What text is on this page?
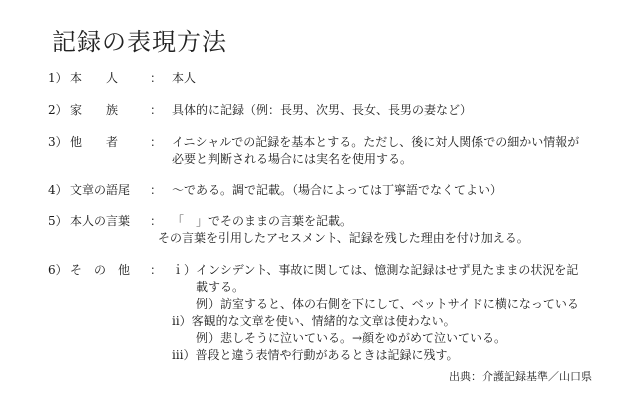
記録の表現方法
1） 本　　人	： 本人
2） 家　　族	： 具体的に記録（例：長男、次男、長女、長男の妻など）
3） 他　　者	： イニシャルでの記録を基本とする。ただし、後に対人関係での細かい情報が
必要と判断される場合には実名を使用する。
4） 文章の語尾 ： ～である。調で記載。（場合によっては丁寧語でなくてよい）
5） 本人の言葉 ： 「　」でそのままの言葉を記載。
その言葉を引用したアセスメント、記録を残した理由を付け加える。
6） そ　の　他 ： ｉ）インシデント、事故に関しては、憶測な記録はせず見たままの状況を記
載する。
例）訪室すると、体の右側を下にして、ベットサイドに横になっている
ⅱ）客観的な文章を使い、情緒的な文章は使わない。
例）悲しそうに泣いている。→顔をゆがめて泣いている。
ⅲ）普段と違う表情や行動があるときは記録に残す。
出典：介護記録基準／山口県
